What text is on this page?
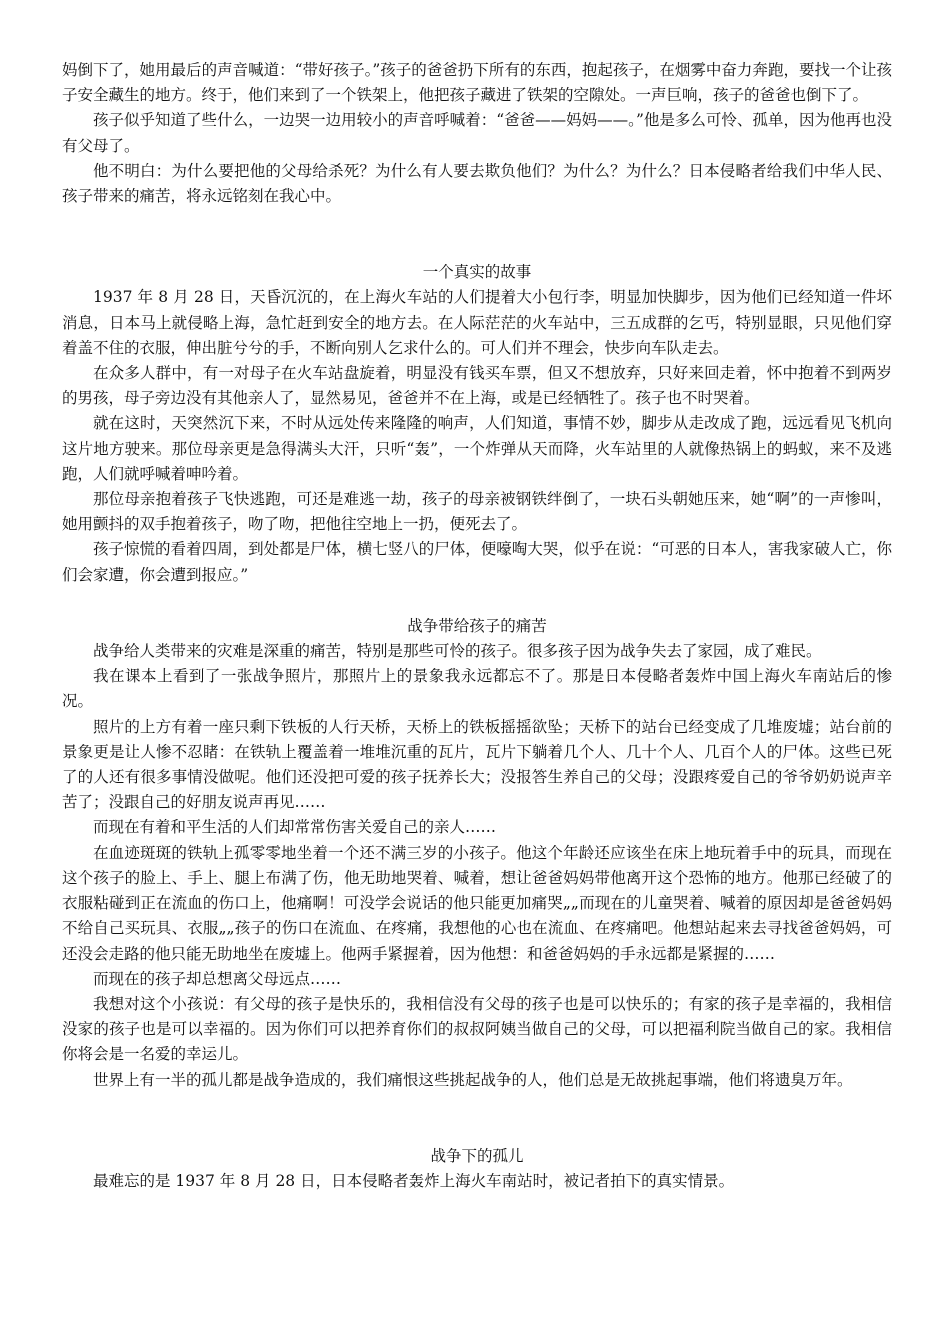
妈倒下了，她用最后的声音喊道：“带好孩子。”孩子的爸爸扔下所有的东西，抱起孩子，在烟雾中奋力奔跑，要找一个让孩子安全藏生的地方。终于，他们来到了一个铁架上，他把孩子藏进了铁架的空隙处。一声巨响，孩子的爸爸也倒下了。

孩子似乎知道了些什么，一边哭一边用较小的声音呼喊着：“爸爸——妈妈——。”他是多么可怜、孤单，因为他再也没有父母了。

他不明白：为什么要把他的父母给杀死？为什么有人要去欺负他们？为什么？为什么？日本侵略者给我们中华人民、孩子带来的痛苦，将永远铭刻在我心中。

一个真实的故事

1937 年 8 月 28 日，天昏沉沉的，在上海火车站的人们提着大小包行李，明显加快脚步，因为他们已经知道一件坏消息，日本马上就侵略上海，急忙赶到安全的地方去。在人际茫茫的火车站中，三五成群的乞丐，特别显眼，只见他们穿着盖不住的衣服，伸出脏兮兮的手，不断向别人乞求什么的。可人们并不理会，快步向车队走去。

在众多人群中，有一对母子在火车站盘旋着，明显没有钱买车票，但又不想放弃，只好来回走着，怀中抱着不到两岁的男孩，母子旁边没有其他亲人了，显然易见，爸爸并不在上海，或是已经牺牲了。孩子也不时哭着。

就在这时，天突然沉下来，不时从远处传来隆隆的响声，人们知道，事情不妙，脚步从走改成了跑，远远看见飞机向这片地方驶来。那位母亲更是急得满头大汗，只听“轰”，一个炸弹从天而降，火车站里的人就像热锅上的蚂蚁，来不及逃跑，人们就呼喊着呻吟着。

那位母亲抱着孩子飞快逃跑，可还是难逃一劫，孩子的母亲被钢铁绊倒了，一块石头朝她压来，她“啊”的一声惨叫，她用颤抖的双手抱着孩子，吻了吻，把他往空地上一扔，便死去了。

孩子惊慌的看着四周，到处都是尸体，横七竖八的尸体，便嚎啕大哭，似乎在说：“可恶的日本人，害我家破人亡，你们会家遭，你会遭到报应。”

战争带给孩子的痛苦

战争给人类带来的灾难是深重的痛苦，特别是那些可怜的孩子。很多孩子因为战争失去了家园，成了难民。

我在课本上看到了一张战争照片，那照片上的景象我永远都忘不了。那是日本侵略者轰炸中国上海火车南站后的惨况。

照片的上方有着一座只剩下铁板的人行天桥，天桥上的铁板摇摇欲坠；天桥下的站台已经变成了几堆废墟；站台前的景象更是让人惨不忍睹：在铁轨上覆盖着一堆堆沉重的瓦片，瓦片下躺着几个人、几十个人、几百个人的尸体。这些已死了的人还有很多事情没做呢。他们还没把可爱的孩子抚养长大；没报答生养自己的父母；没跟疼爱自己的爷爷奶奶说声辛苦了；没跟自己的好朋友说声再见……

而现在有着和平生活的人们却常常伤害关爱自己的亲人……

在血迹斑斑的铁轨上孤零零地坐着一个还不满三岁的小孩子。他这个年龄还应该坐在床上地玩着手中的玩具，而现在这个孩子的脸上、手上、腿上布满了伤，他无助地哭着、喊着，想让爸爸妈妈带他离开这个恐怖的地方。他那已经破了的衣服粘碰到正在流血的伤口上，他痛啊！可没学会说话的他只能更加痛哭„„而现在的儿童哭着、喊着的原因却是爸爸妈妈不给自己买玩具、衣服„„孩子的伤口在流血、在疼痛，我想他的心也在流血、在疼痛吧。他想站起来去寻找爸爸妈妈，可还没会走路的他只能无助地坐在废墟上。他两手紧握着，因为他想：和爸爸妈妈的手永远都是紧握的……

而现在的孩子却总想离父母远点……

我想对这个小孩说：有父母的孩子是快乐的，我相信没有父母的孩子也是可以快乐的；有家的孩子是幸福的，我相信没家的孩子也是可以幸福的。因为你们可以把养育你们的叔叔阿姨当做自己的父母，可以把福利院当做自己的家。我相信你将会是一名爱的幸运儿。

世界上有一半的孤儿都是战争造成的，我们痛恨这些挑起战争的人，他们总是无故挑起事端，他们将遗臭万年。

战争下的孤儿

最难忘的是 1937 年 8 月 28 日，日本侵略者轰炸上海火车南站时，被记者拍下的真实情景。
